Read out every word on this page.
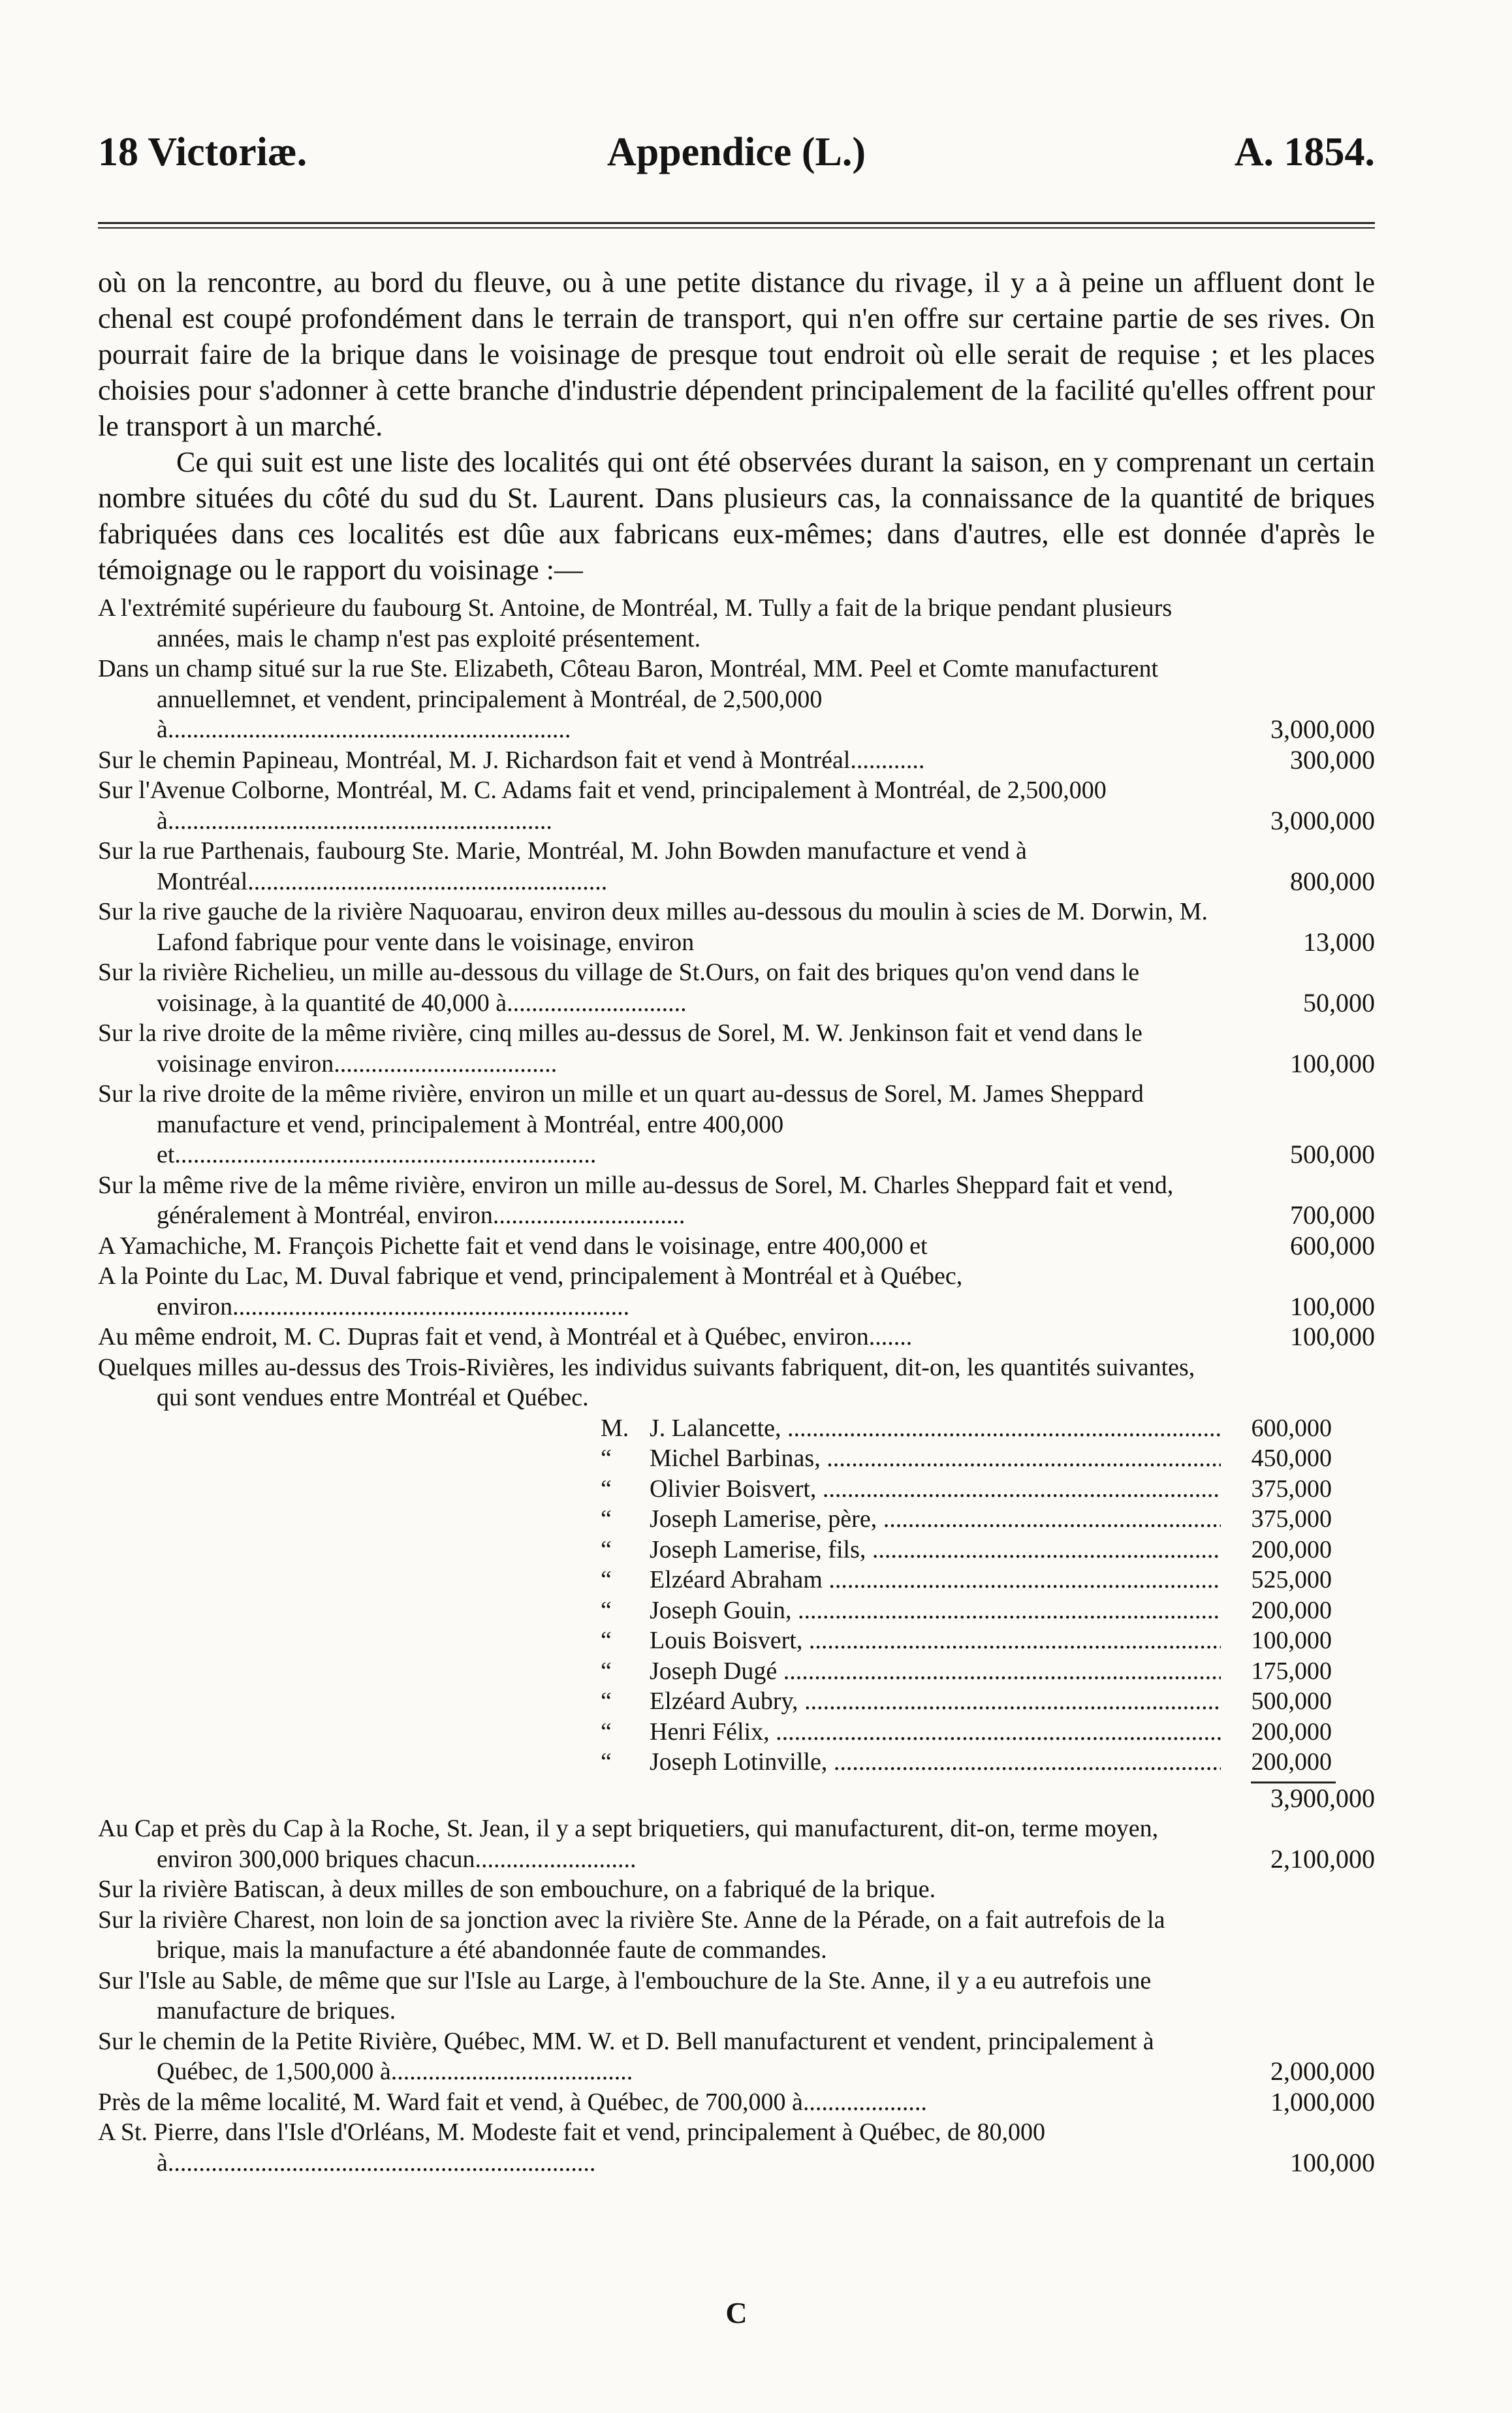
18 Victoriæ.	Appendice (L.)	A. 1854.

où on la rencontre, au bord du fleuve, ou à une petite distance du rivage, il y a à peine un affluent dont le chenal est coupé profondément dans le terrain de transport, qui n'en offre sur certaine partie de ses rives. On pourrait faire de la brique dans le voisinage de presque tout endroit où elle serait de requise ; et les places choisies pour s'adonner à cette branche d'industrie dépendent principalement de la facilité qu'elles offrent pour le transport à un marché.

Ce qui suit est une liste des localités qui ont été observées durant la saison, en y comprenant un certain nombre situées du côté du sud du St. Laurent. Dans plusieurs cas, la connaissance de la quantité de briques fabriquées dans ces localités est dûe aux fabricans eux-mêmes; dans d'autres, elle est donnée d'après le témoignage ou le rapport du voisinage :—

A l'extrémité supérieure du faubourg St. Antoine, de Montréal, M. Tully a fait de la brique pendant plusieurs années, mais le champ n'est pas exploité présentement.
Dans un champ situé sur la rue Ste. Elizabeth, Côteau Baron, Montréal, MM. Peel et Comte manufacturent annuellemnet, et vendent, principalement à Montréal, de 2,500,000 à.................................................................	3,000,000
Sur le chemin Papineau, Montréal, M. J. Richardson fait et vend à Montréal............	300,000
Sur l'Avenue Colborne, Montréal, M. C. Adams fait et vend, principalement à Montréal, de 2,500,000 à..............................................................	3,000,000
Sur la rue Parthenais, faubourg Ste. Marie, Montréal, M. John Bowden manufacture et vend à Montréal..........................................................	800,000
Sur la rive gauche de la rivière Naquoarau, environ deux milles au-dessous du moulin à scies de M. Dorwin, M. Lafond fabrique pour vente dans le voisinage, environ	13,000
Sur la rivière Richelieu, un mille au-dessous du village de St.Ours, on fait des briques qu'on vend dans le voisinage, à la quantité de 40,000 à.............................	50,000
Sur la rive droite de la même rivière, cinq milles au-dessus de Sorel, M. W. Jenkinson fait et vend dans le voisinage environ....................................	100,000
Sur la rive droite de la même rivière, environ un mille et un quart au-dessus de Sorel, M. James Sheppard manufacture et vend, principalement à Montréal, entre 400,000 et....................................................................	500,000
Sur la même rive de la même rivière, environ un mille au-dessus de Sorel, M. Charles Sheppard fait et vend, généralement à Montréal, environ...............................	700,000
A Yamachiche, M. François Pichette fait et vend dans le voisinage, entre 400,000 et	600,000
A la Pointe du Lac, M. Duval fabrique et vend, principalement à Montréal et à Québec, environ................................................................	100,000
Au même endroit, M. C. Dupras fait et vend, à Montréal et à Québec, environ.......	100,000
Quelques milles au-dessus des Trois-Rivières, les individus suivants fabriquent, dit-on, les quantités suivantes, qui sont vendues entre Montréal et Québec.
M. J. Lalancette, .....	600,000
“	Michel Barbinas, .....	450,000
“	Olivier Boisvert, .....	375,000
“	Joseph Lamerise, père, .....	375,000
“	Joseph Lamerise, fils, .....	200,000
“	Elzéard Abraham .....	525,000
“	Joseph Gouin, .....	200,000
“	Louis Boisvert, .....	100,000
“	Joseph Dugé .....	175,000
“	Elzéard Aubry, .....	500,000
“	Henri Félix, .....	200,000
“	Joseph Lotinville, .....	200,000
3,900,000
Au Cap et près du Cap à la Roche, St. Jean, il y a sept briquetiers, qui manufacturent, dit-on, terme moyen, environ 300,000 briques chacun..........................	2,100,000
Sur la rivière Batiscan, à deux milles de son embouchure, on a fabriqué de la brique.
Sur la rivière Charest, non loin de sa jonction avec la rivière Ste. Anne de la Pérade, on a fait autrefois de la brique, mais la manufacture a été abandonnée faute de commandes.
Sur l'Isle au Sable, de même que sur l'Isle au Large, à l'embouchure de la Ste. Anne, il y a eu autrefois une manufacture de briques.
Sur le chemin de la Petite Rivière, Québec, MM. W. et D. Bell manufacturent et vendent, principalement à Québec, de 1,500,000 à.......................................	2,000,000
Près de la même localité, M. Ward fait et vend, à Québec, de 700,000 à....................	1,000,000
A St. Pierre, dans l'Isle d'Orléans, M. Modeste fait et vend, principalement à Québec, de 80,000 à.....................................................................	100,000
C
